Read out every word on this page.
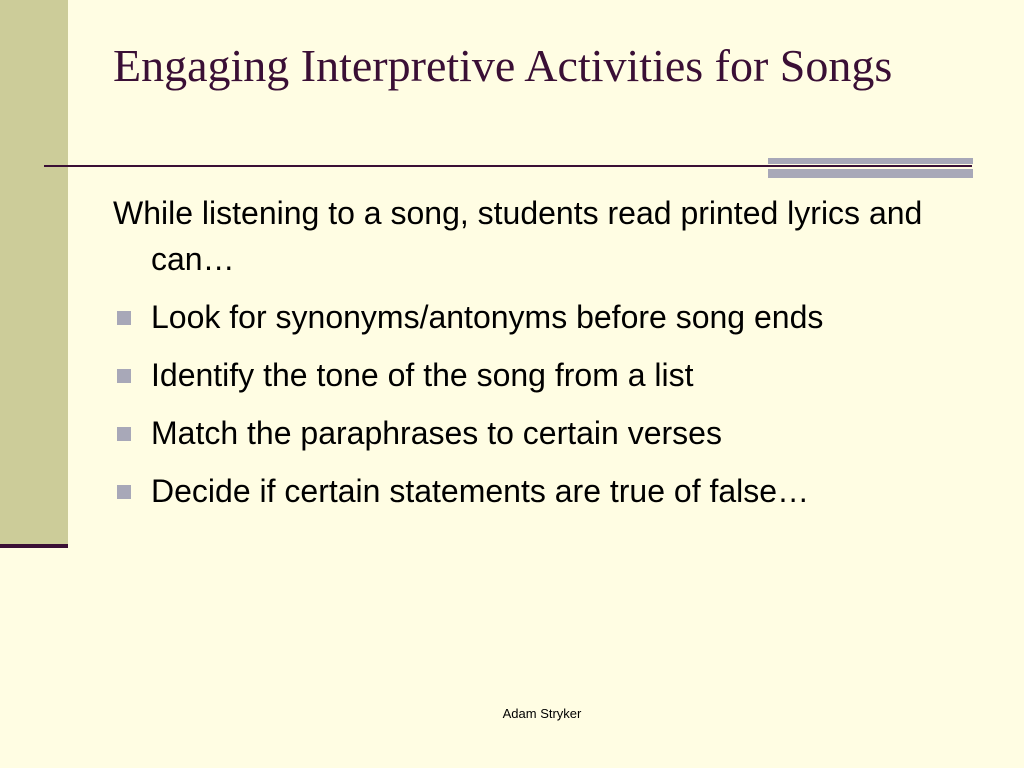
Engaging Interpretive Activities for Songs

While listening to a song, students read printed lyrics and can…

Look for synonyms/antonyms before song ends
Identify the tone of the song from a list
Match the paraphrases to certain verses
Decide if certain statements are true of false…
Adam Stryker
